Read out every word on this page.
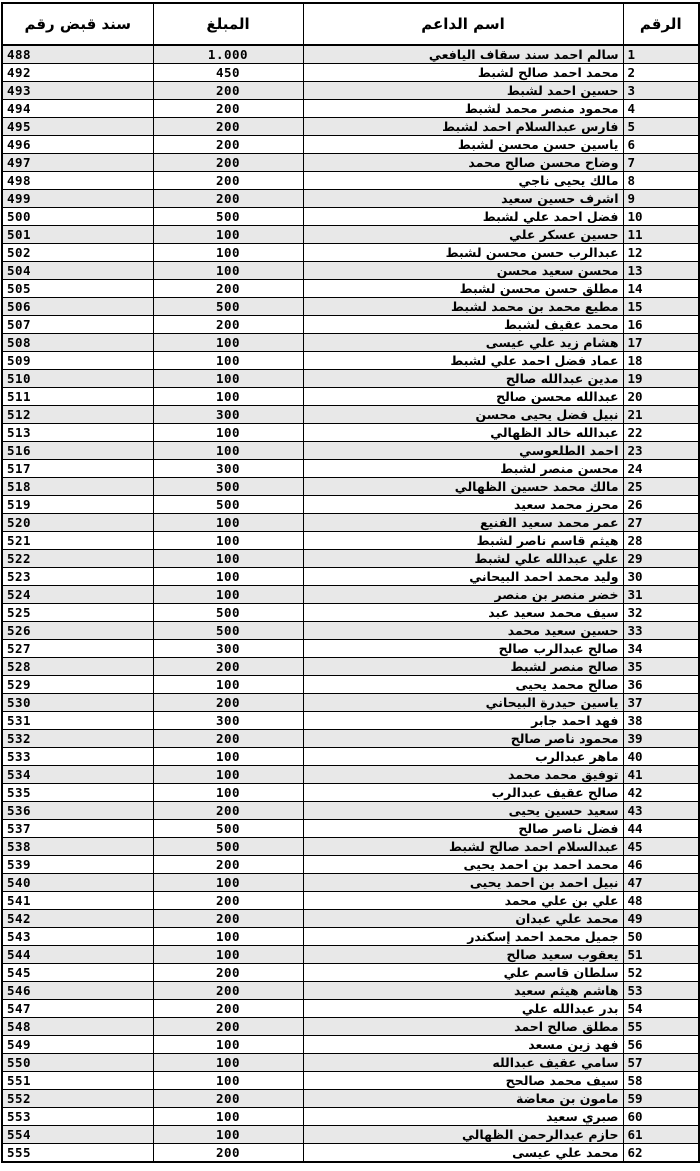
سند قبض رقم	المبلغ	اسم الداعم	الرقم
488	1.000	سالم احمد سند سقاف اليافعي	1
492	450	محمد احمد صالح لشبط	2
493	200	حسين احمد لشبط	3
494	200	محمود منصر محمد لشبط	4
495	200	فارس عبدالسلام احمد لشبط	5
496	200	ياسين حسن محسن لشبط	6
497	200	وضاح محسن صالح محمد	7
498	200	مالك يحيى ناجي	8
499	200	اشرف حسين سعيد	9
500	500	فضل احمد علي لشبط	10
501	100	حسين عسكر علي	11
502	100	عبدالرب حسن محسن لشبط	12
504	100	محسن سعيد محسن	13
505	200	مطلق حسن محسن لشبط	14
506	500	مطيع محمد بن محمد لشبط	15
507	200	محمد عقيف لشبط	16
508	100	هشام زيد علي عيسى	17
509	100	عماد فضل احمد علي لشبط	18
510	100	مدين عبدالله صالح	19
511	100	عبدالله محسن صالح	20
512	300	نبيل فضل يحيى محسن	21
513	100	عبدالله خالد الظهالي	22
516	100	احمد الطلعوسي	23
517	300	محسن منصر لشبط	24
518	500	مالك محمد حسين الظهالي	25
519	500	محرز محمد سعيد	26
520	100	عمر محمد سعيد الفنيع	27
521	100	هيثم قاسم ناصر لشبط	28
522	100	علي عبدالله علي لشبط	29
523	100	وليد محمد احمد البيحاني	30
524	100	خضر منصر بن منصر	31
525	500	سيف محمد سعيد عبد	32
526	500	حسين سعيد محمد	33
527	300	صالح عبدالرب صالح	34
528	200	صالح منصر لشبط	35
529	100	صالح محمد يحيى	36
530	200	ياسين حيدرة البيحاني	37
531	300	فهد احمد جابر	38
532	200	محمود ناصر صالح	39
533	100	ماهر عبدالرب	40
534	100	توفيق محمد محمد	41
535	100	صالح عقيف عبدالرب	42
536	200	سعيد حسين يحيى	43
537	500	فضل ناصر صالح	44
538	500	عبدالسلام احمد صالح لشبط	45
539	200	محمد احمد بن احمد يحيى	46
540	100	نبيل احمد بن احمد يحيى	47
541	200	علي بن علي محمد	48
542	200	محمد علي عبدان	49
543	100	جميل محمد احمد إسكندر	50
544	100	يعقوب سعيد صالح	51
545	200	سلطان قاسم علي	52
546	200	هاشم هيثم سعيد	53
547	200	بدر عبدالله علي	54
548	200	مطلق صالح احمد	55
549	100	فهد زين مسعد	56
550	100	سامي عقيف عبدالله	57
551	100	سيف محمد صالحح	58
552	200	مامون بن معاضة	59
553	100	صبري سعيد	60
554	100	حازم عبدالرحمن الظهالي	61
555	200	محمد علي عيسى	62
